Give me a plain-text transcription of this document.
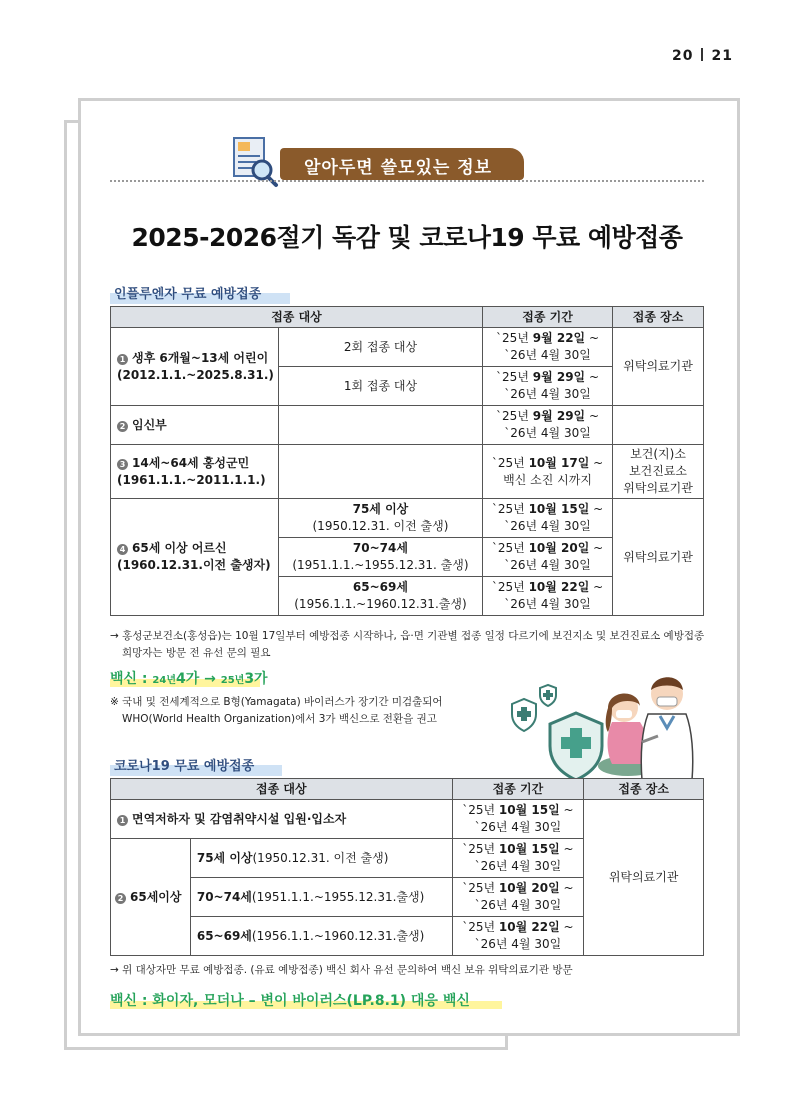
20 21
알아두면 쓸모있는 정보
2025-2026절기 독감 및 코로나19 무료 예방접종
인플루엔자 무료 예방접종
접종 대상		접종 기간	접종 장소
1 생후 6개월~13세 어린이
(2012.1.1.~2025.8.31.)	2회 접종 대상	`25년 9월 22일 ~
`26년 4월 30일	위탁의료기관
	1회 접종 대상	`25년 9월 29일 ~
`26년 4월 30일	
2 임신부		`25년 9월 29일 ~
`26년 4월 30일	
3 14세~64세 홍성군민
(1961.1.1.~2011.1.1.)		`25년 10월 17일 ~
백신 소진 시까지	보건(지)소
보건진료소
위탁의료기관
4 65세 이상 어르신
(1960.12.31.이전 출생자)	75세 이상
(1950.12.31. 이전 출생)	`25년 10월 15일 ~
`26년 4월 30일	위탁의료기관
	70~74세
(1951.1.1.~1955.12.31. 출생)	`25년 10월 20일 ~
`26년 4월 30일	
	65~69세
(1956.1.1.~1960.12.31.출생)	`25년 10월 22일 ~
`26년 4월 30일	
→ 홍성군보건소(홍성읍)는 10월 17일부터 예방접종 시작하나, 읍·면 기관별 접종 일정 다르기에 보건지소 및 보건진료소 예방접종
희망자는 방문 전 유선 문의 필요
백신 : 24년4가 → 25년3가
※ 국내 및 전세계적으로 B형(Yamagata) 바이러스가 장기간 미검출되어
WHO(World Health Organization)에서 3가 백신으로 전환을 권고
코로나19 무료 예방접종
접종 대상		접종 기간	접종 장소
1 면역저하자 및 감염취약시설 입원·입소자		`25년 10월 15일 ~
`26년 4월 30일	위탁의료기관
2 65세이상	75세 이상(1950.12.31. 이전 출생)	`25년 10월 15일 ~
`26년 4월 30일	
	70~74세(1951.1.1.~1955.12.31.출생)	`25년 10월 20일 ~
`26년 4월 30일	
	65~69세(1956.1.1.~1960.12.31.출생)	`25년 10월 22일 ~
`26년 4월 30일	
→ 위 대상자만 무료 예방접종. (유료 예방접종) 백신 회사 유선 문의하여 백신 보유 위탁의료기관 방문
백신 : 화이자, 모더나 – 변이 바이러스(LP.8.1) 대응 백신
